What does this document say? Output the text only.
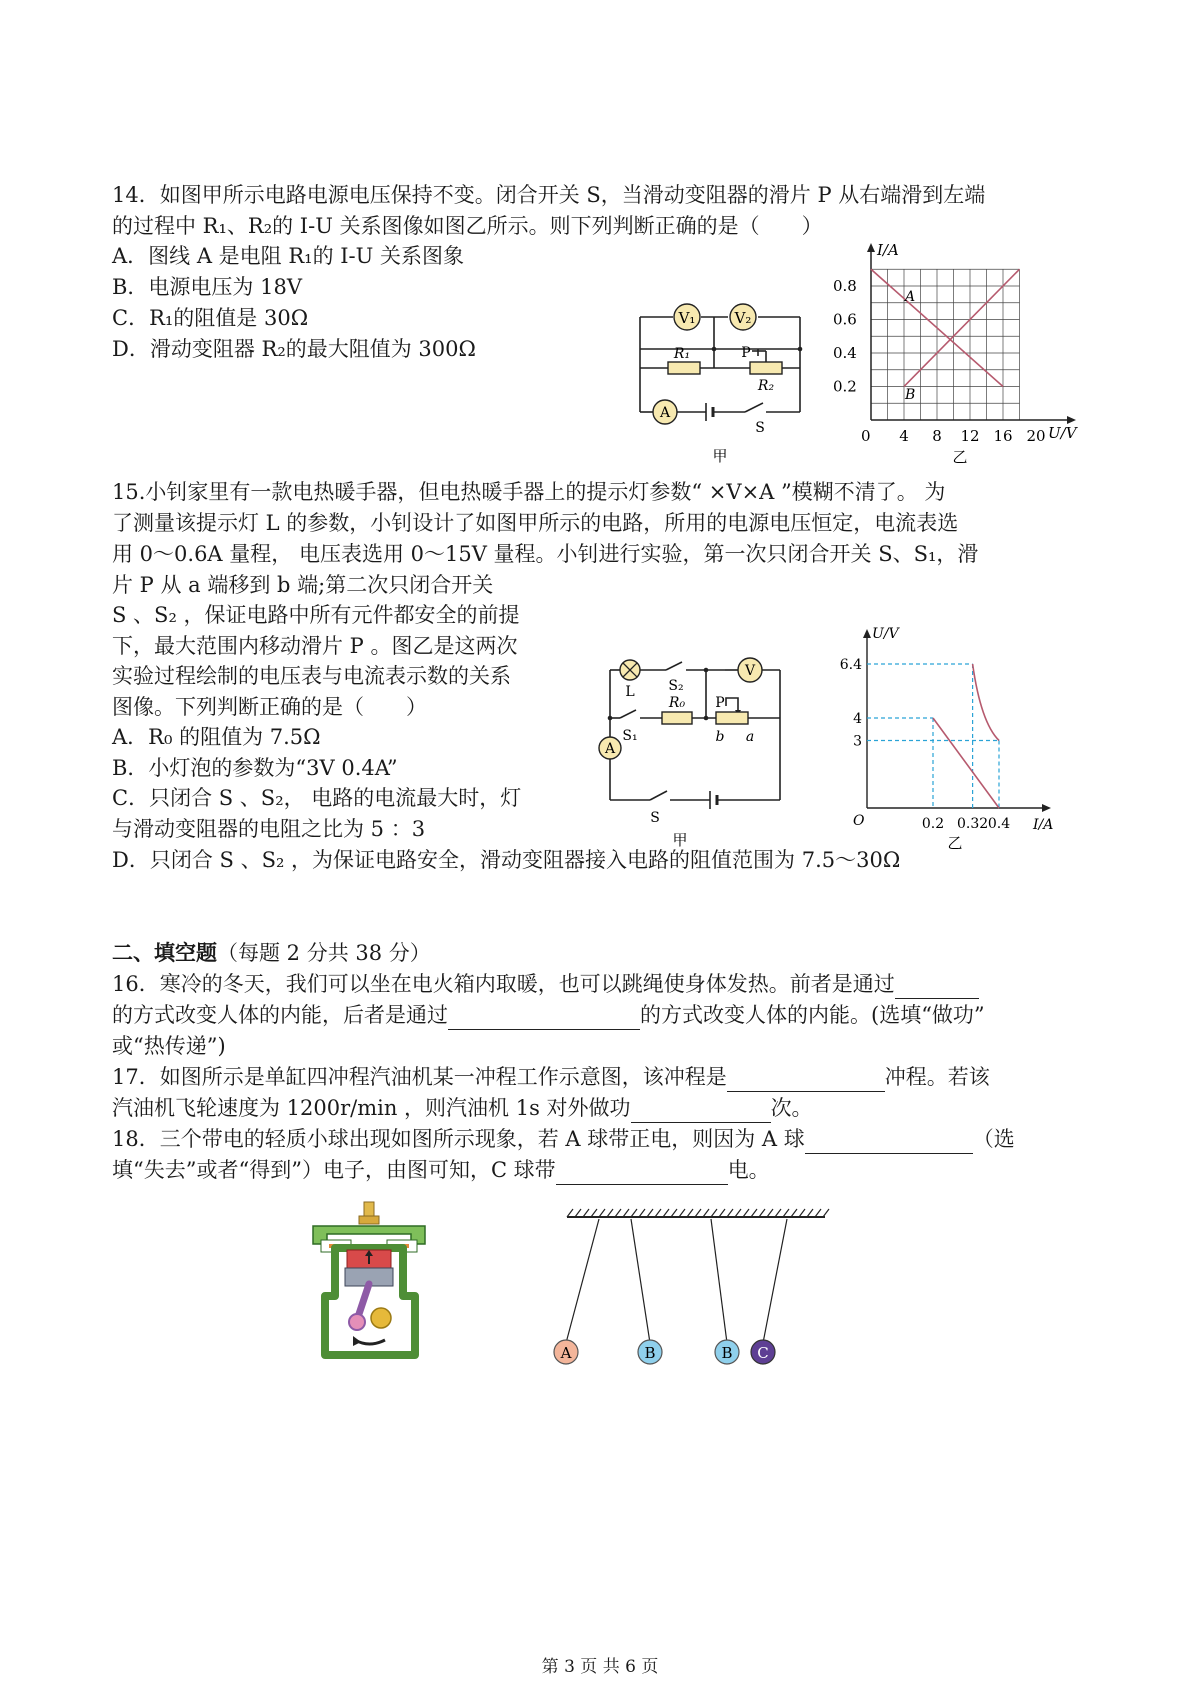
14．如图甲所示电路电源电压保持不变。闭合开关 S，当滑动变阻器的滑片 P 从右端滑到左端
的过程中 R₁、R₂的 I-U 关系图像如图乙所示。则下列判断正确的是（　　）
A．图线 A 是电阻 R₁的 I-U 关系图象
B．电源电压为 18V
C．R₁的阻值是 30Ω
D．滑动变阻器 R₂的最大阻值为 300Ω
V₁	V₂
R₁	P
R₂
A
S
甲
I/A
U/V
0
0.8
0.6
0.4
0.2
4 8 12 16 20
A
B
乙
15.小钊家里有一款电热暖手器，但电热暖手器上的提示灯参数“ ×V×A ”模糊不清了。 为
了测量该提示灯 L 的参数，小钊设计了如图甲所示的电路，所用的电源电压恒定，电流表选
用 0～0.6A 量程， 电压表选用 0～15V 量程。小钊进行实验，第一次只闭合开关 S、S₁，滑
片 P 从 a 端移到 b 端;第二次只闭合开关
S 、S₂ ，保证电路中所有元件都安全的前提
下，最大范围内移动滑片 P 。图乙是这两次
实验过程绘制的电压表与电流表示数的关系
图像。下列判断正确的是（　　）
A．R₀ 的阻值为 7.5Ω
B．小灯泡的参数为“3V 0.4A”
C．只闭合 S 、S₂， 电路的电流最大时，灯
与滑动变阻器的电阻之比为 5 ：3
D．只闭合 S 、S₂ ，为保证电路安全，滑动变阻器接入电路的阻值范围为 7.5～30Ω
L S₂
V
R₀ P
S₁	b a
A
S
甲
6.4
4
3
0.2 0.32 0.4
U/V
I/A
O
乙
二、填空题（每题 2 分共 38 分）
16．寒冷的冬天，我们可以坐在电火箱内取暖，也可以跳绳使身体发热。前者是通过
的方式改变人体的内能，后者是通过	的方式改变人体的内能。(选填“做功”
或“热传递”)
17．如图所示是单缸四冲程汽油机某一冲程工作示意图，该冲程是	冲程。若该
汽油机飞轮速度为 1200r/min ，则汽油机 1s 对外做功	次。
18．三个带电的轻质小球出现如图所示现象，若 A 球带正电，则因为 A 球	（选
填“失去”或者“得到”）电子，由图可知，C 球带	电。
A	B	B C
第 3 页 共 6 页
